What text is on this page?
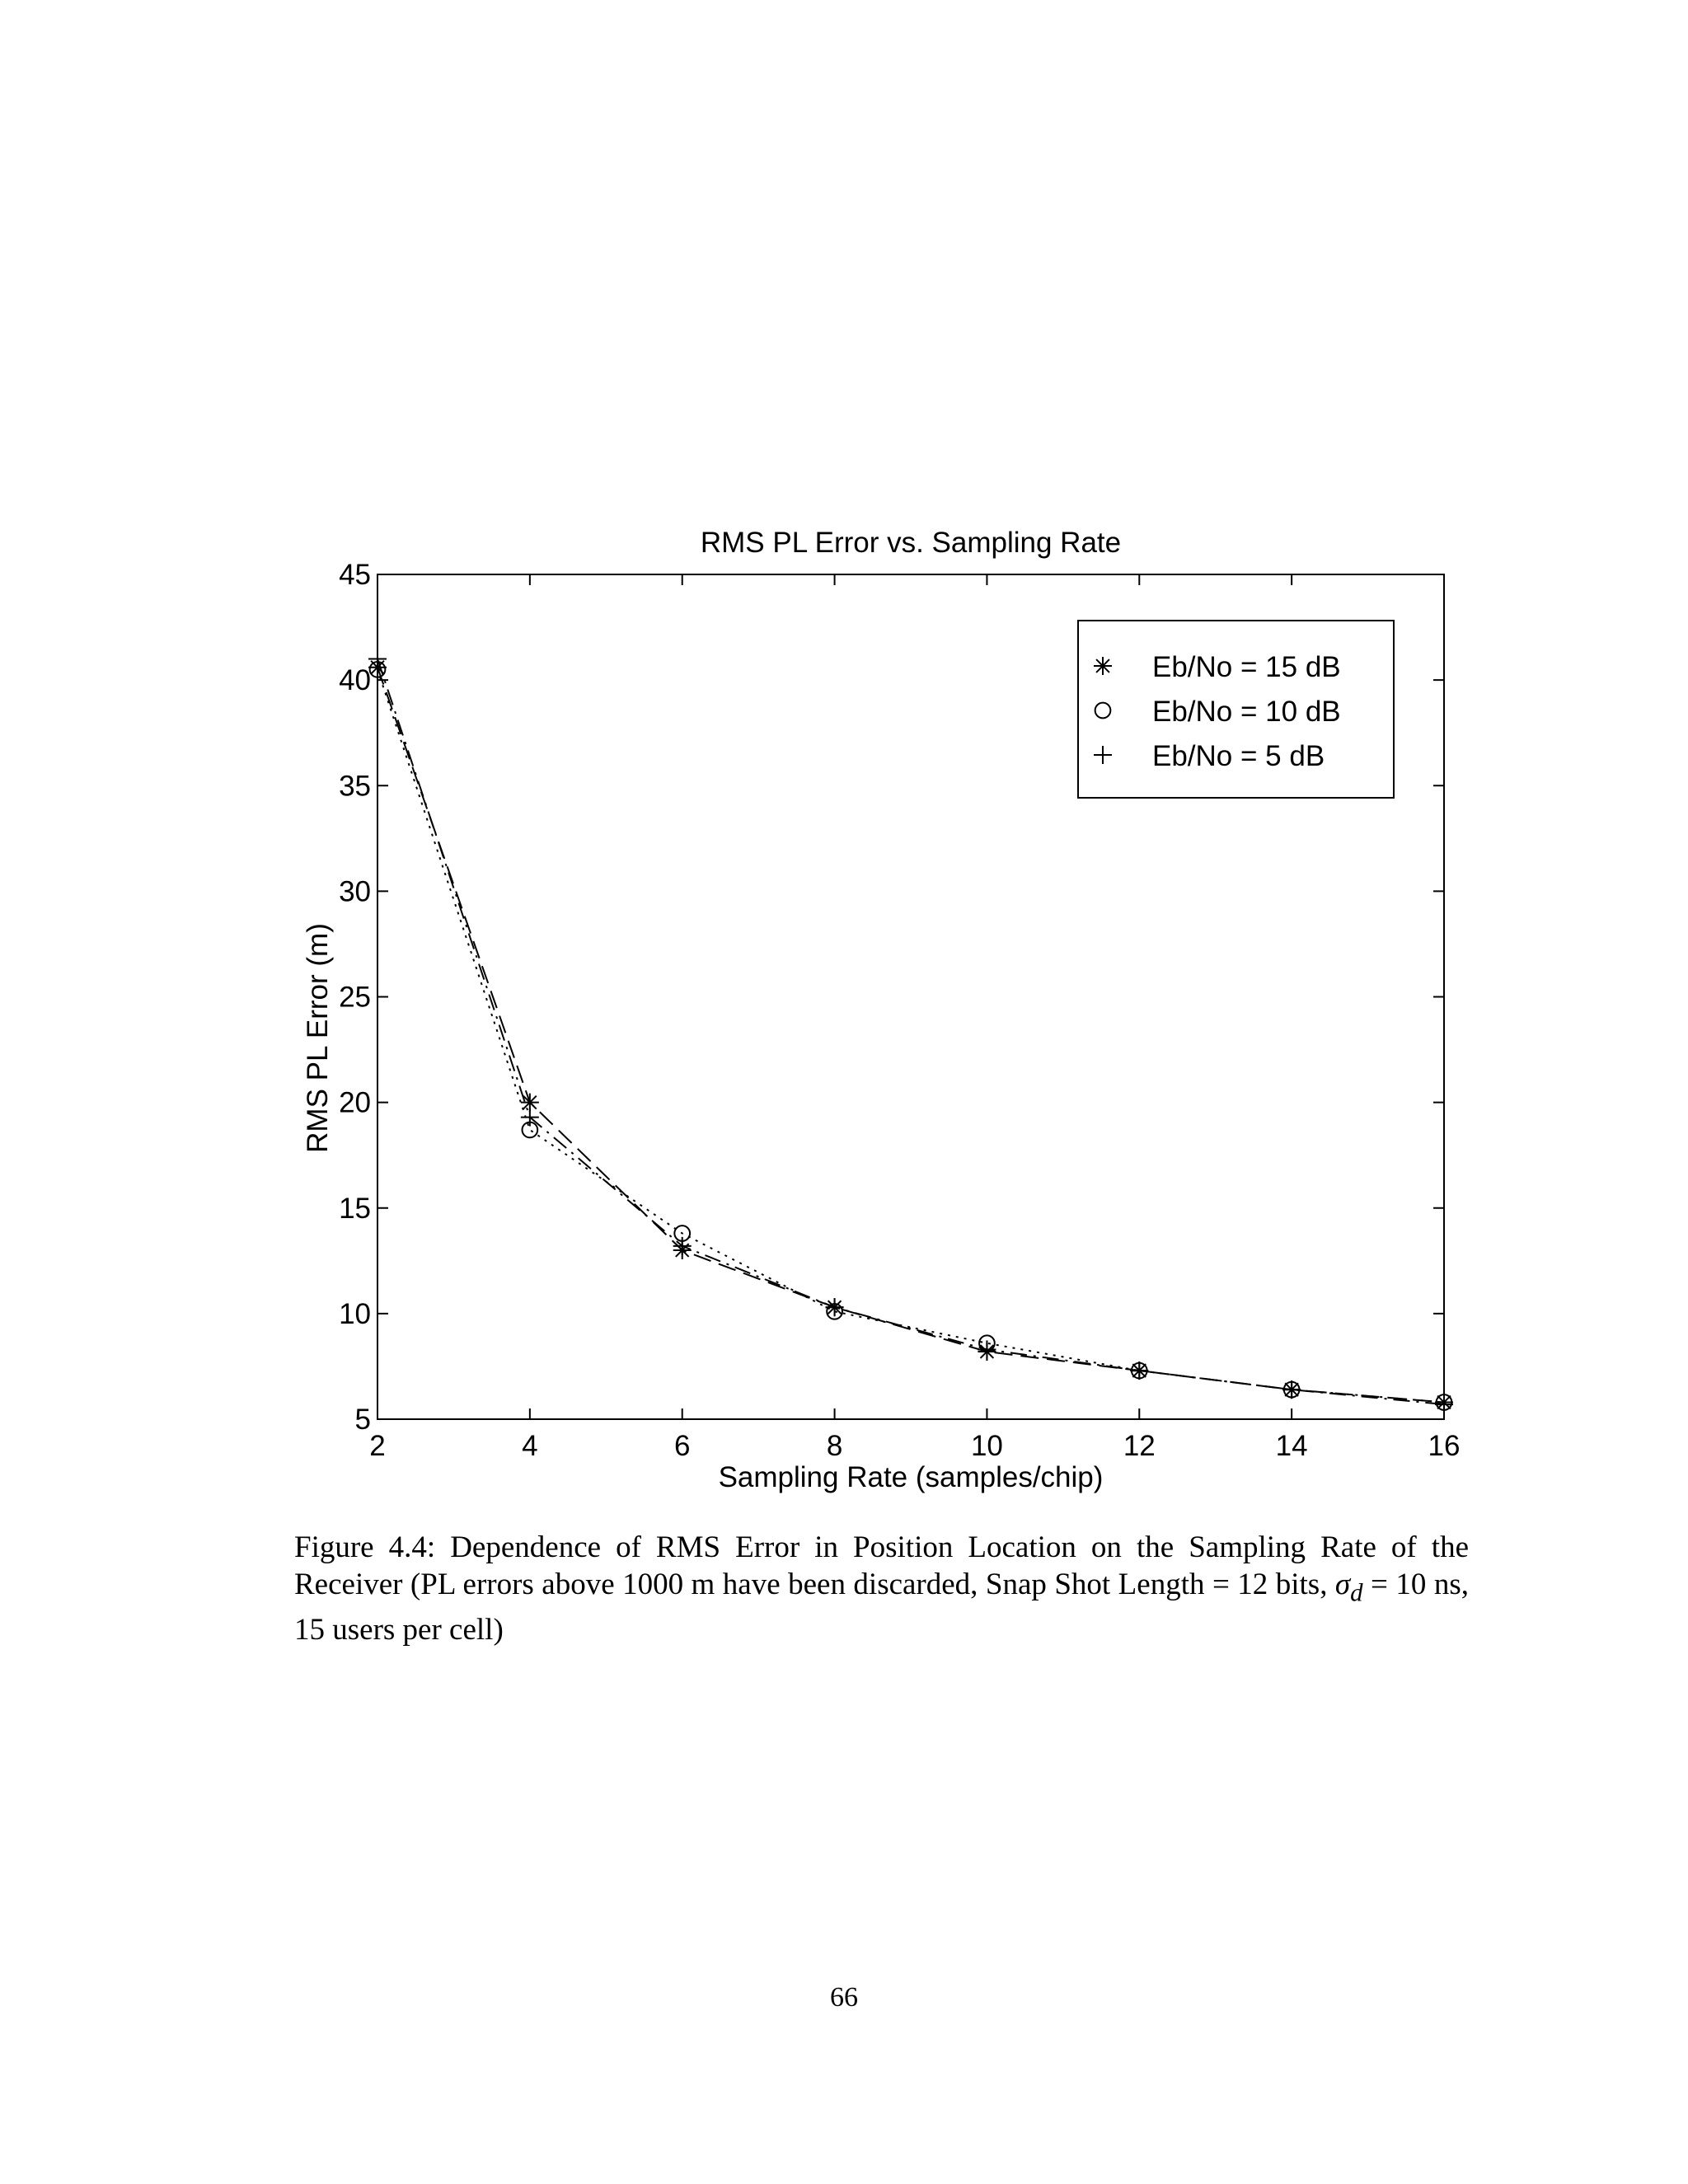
2	4	6	8	10	12	14	16
5
10
15
20
25
30
35
40
45
RMS PL Error vs. Sampling Rate
Sampling Rate (samples/chip)
RMS PL Error (m)
Eb/No = 15 dB
Eb/No = 10 dB
Eb/No = 5 dB
Figure 4.4: Dependence of RMS Error in Position Location on the Sampling Rate of the Receiver (PL errors above 1000 m have been discarded, Snap Shot Length = 12 bits, $\sigma_d = 10$ ns, 15 users per cell)
66
